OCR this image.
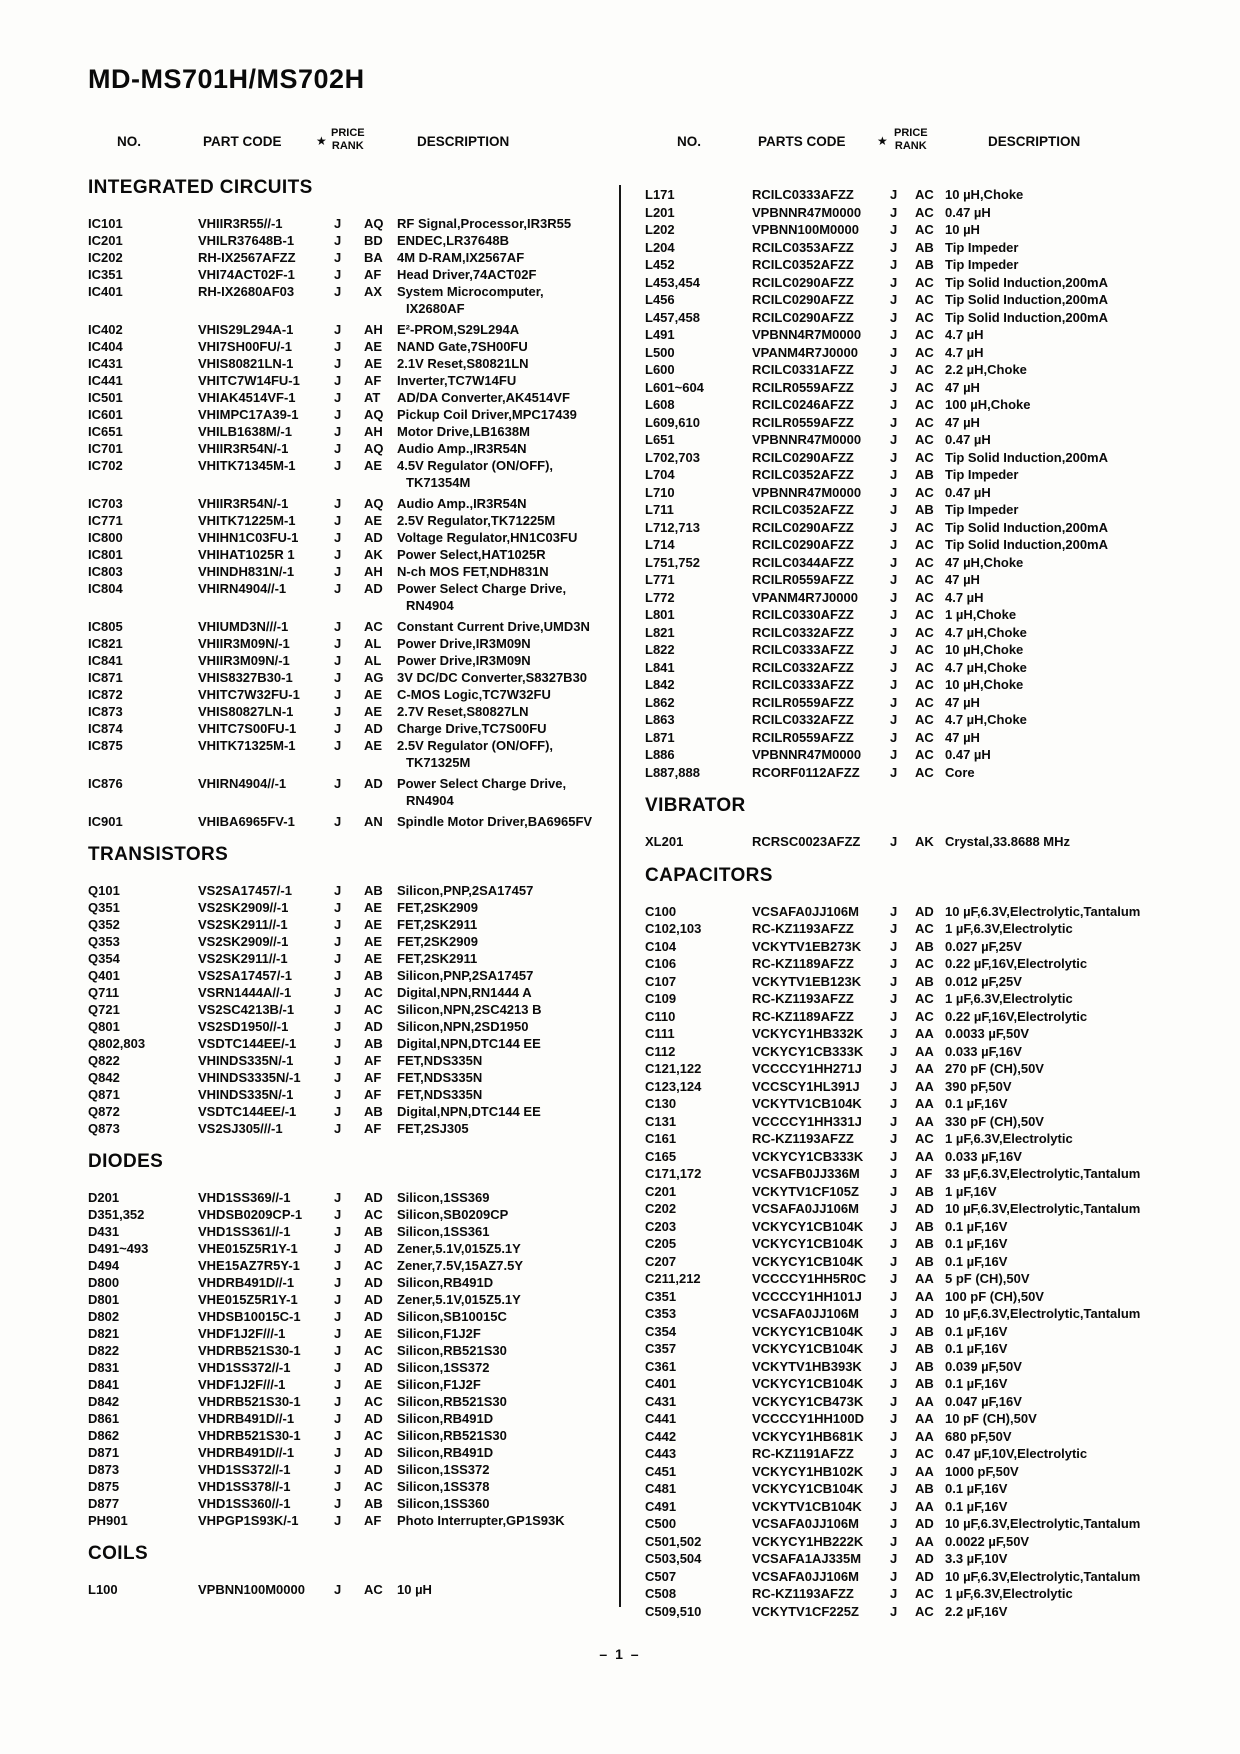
MD-MS701H/MS702H
NO.	PART CODE	★
PRICE
RANK	DESCRIPTION	NO.	PARTS CODE	★
PRICE
RANK	DESCRIPTION
INTEGRATED CIRCUITS
IC101	VHIIR3R55//-1	J	AQ	RF Signal,Processor,IR3R55
IC201	VHILR37648B-1	J	BD	ENDEC,LR37648B
IC202	RH-IX2567AFZZ	J	BA	4M D-RAM,IX2567AF
IC351	VHI74ACT02F-1	J	AF	Head Driver,74ACT02F
IC401	RH-IX2680AF03	J	AX	System Microcomputer,
IX2680AF
IC402	VHIS29L294A-1	J	AH	E²-PROM,S29L294A
IC404	VHI7SH00FU/-1	J	AE	NAND Gate,7SH00FU
IC431	VHIS80821LN-1	J	AE	2.1V Reset,S80821LN
IC441	VHITC7W14FU-1	J	AF	Inverter,TC7W14FU
IC501	VHIAK4514VF-1	J	AT	AD/DA Converter,AK4514VF
IC601	VHIMPC17A39-1	J	AQ	Pickup Coil Driver,MPC17439
IC651	VHILB1638M/-1	J	AH	Motor Drive,LB1638M
IC701	VHIIR3R54N/-1	J	AQ	Audio Amp.,IR3R54N
IC702	VHITK71345M-1	J	AE	4.5V Regulator (ON/OFF),
TK71354M
IC703	VHIIR3R54N/-1	J	AQ	Audio Amp.,IR3R54N
IC771	VHITK71225M-1	J	AE	2.5V Regulator,TK71225M
IC800	VHIHN1C03FU-1	J	AD	Voltage Regulator,HN1C03FU
IC801	VHIHAT1025R 1	J	AK	Power Select,HAT1025R
IC803	VHINDH831N/-1	J	AH	N-ch MOS FET,NDH831N
IC804	VHIRN4904//-1	J	AD	Power Select Charge Drive,
RN4904
IC805	VHIUMD3N///-1	J	AC	Constant Current Drive,UMD3N
IC821	VHIIR3M09N/-1	J	AL	Power Drive,IR3M09N
IC841	VHIIR3M09N/-1	J	AL	Power Drive,IR3M09N
IC871	VHIS8327B30-1	J	AG	3V DC/DC Converter,S8327B30
IC872	VHITC7W32FU-1	J	AE	C-MOS Logic,TC7W32FU
IC873	VHIS80827LN-1	J	AE	2.7V Reset,S80827LN
IC874	VHITC7S00FU-1	J	AD	Charge Drive,TC7S00FU
IC875	VHITK71325M-1	J	AE	2.5V Regulator (ON/OFF),
TK71325M
IC876	VHIRN4904//-1	J	AD	Power Select Charge Drive,
RN4904
IC901	VHIBA6965FV-1	J	AN	Spindle Motor Driver,BA6965FV
TRANSISTORS
Q101	VS2SA17457/-1	J	AB	Silicon,PNP,2SA17457
Q351	VS2SK2909//-1	J	AE	FET,2SK2909
Q352	VS2SK2911//-1	J	AE	FET,2SK2911
Q353	VS2SK2909//-1	J	AE	FET,2SK2909
Q354	VS2SK2911//-1	J	AE	FET,2SK2911
Q401	VS2SA17457/-1	J	AB	Silicon,PNP,2SA17457
Q711	VSRN1444A//-1	J	AC	Digital,NPN,RN1444 A
Q721	VS2SC4213B/-1	J	AC	Silicon,NPN,2SC4213 B
Q801	VS2SD1950//-1	J	AD	Silicon,NPN,2SD1950
Q802,803	VSDTC144EE/-1	J	AB	Digital,NPN,DTC144 EE
Q822	VHINDS335N/-1	J	AF	FET,NDS335N
Q842	VHINDS3335N/-1	J	AF	FET,NDS335N
Q871	VHINDS335N/-1	J	AF	FET,NDS335N
Q872	VSDTC144EE/-1	J	AB	Digital,NPN,DTC144 EE
Q873	VS2SJ305///-1	J	AF	FET,2SJ305
DIODES
D201	VHD1SS369//-1	J	AD	Silicon,1SS369
D351,352	VHDSB0209CP-1	J	AC	Silicon,SB0209CP
D431	VHD1SS361//-1	J	AB	Silicon,1SS361
D491~493	VHE015Z5R1Y-1	J	AD	Zener,5.1V,015Z5.1Y
D494	VHE15AZ7R5Y-1	J	AC	Zener,7.5V,15AZ7.5Y
D800	VHDRB491D//-1	J	AD	Silicon,RB491D
D801	VHE015Z5R1Y-1	J	AD	Zener,5.1V,015Z5.1Y
D802	VHDSB10015C-1	J	AD	Silicon,SB10015C
D821	VHDF1J2F///-1	J	AE	Silicon,F1J2F
D822	VHDRB521S30-1	J	AC	Silicon,RB521S30
D831	VHD1SS372//-1	J	AD	Silicon,1SS372
D841	VHDF1J2F///-1	J	AE	Silicon,F1J2F
D842	VHDRB521S30-1	J	AC	Silicon,RB521S30
D861	VHDRB491D//-1	J	AD	Silicon,RB491D
D862	VHDRB521S30-1	J	AC	Silicon,RB521S30
D871	VHDRB491D//-1	J	AD	Silicon,RB491D
D873	VHD1SS372//-1	J	AD	Silicon,1SS372
D875	VHD1SS378//-1	J	AC	Silicon,1SS378
D877	VHD1SS360//-1	J	AB	Silicon,1SS360
PH901	VHPGP1S93K/-1	J	AF	Photo Interrupter,GP1S93K
COILS
L100	VPBNN100M0000	J	AC	10 µH
L171	RCILC0333AFZZ	J	AC 10 µH,Choke
L201	VPBNNR47M0000	J	AC 0.47 µH
L202	VPBNN100M0000	J	AC 10 µH
L204	RCILC0353AFZZ	J	AB Tip Impeder
L452	RCILC0352AFZZ	J	AB Tip Impeder
L453,454	RCILC0290AFZZ	J	AC Tip Solid Induction,200mA
L456	RCILC0290AFZZ	J	AC Tip Solid Induction,200mA
L457,458	RCILC0290AFZZ	J	AC Tip Solid Induction,200mA
L491	VPBNN4R7M0000	J	AC 4.7 µH
L500	VPANM4R7J0000	J	AC 4.7 µH
L600	RCILC0331AFZZ	J	AC 2.2 µH,Choke
L601~604	RCILR0559AFZZ	J	AC 47 µH
L608	RCILC0246AFZZ	J	AC 100 µH,Choke
L609,610	RCILR0559AFZZ	J	AC 47 µH
L651	VPBNNR47M0000	J	AC 0.47 µH
L702,703	RCILC0290AFZZ	J	AC Tip Solid Induction,200mA
L704	RCILC0352AFZZ	J	AB Tip Impeder
L710	VPBNNR47M0000	J	AC 0.47 µH
L711	RCILC0352AFZZ	J	AB Tip Impeder
L712,713	RCILC0290AFZZ	J	AC Tip Solid Induction,200mA
L714	RCILC0290AFZZ	J	AC Tip Solid Induction,200mA
L751,752	RCILC0344AFZZ	J	AC 47 µH,Choke
L771	RCILR0559AFZZ	J	AC 47 µH
L772	VPANM4R7J0000	J	AC 4.7 µH
L801	RCILC0330AFZZ	J	AC 1 µH,Choke
L821	RCILC0332AFZZ	J	AC 4.7 µH,Choke
L822	RCILC0333AFZZ	J	AC 10 µH,Choke
L841	RCILC0332AFZZ	J	AC 4.7 µH,Choke
L842	RCILC0333AFZZ	J	AC 10 µH,Choke
L862	RCILR0559AFZZ	J	AC 47 µH
L863	RCILC0332AFZZ	J	AC 4.7 µH,Choke
L871	RCILR0559AFZZ	J	AC 47 µH
L886	VPBNNR47M0000	J	AC 0.47 µH
L887,888	RCORF0112AFZZ	J	AC Core
VIBRATOR
XL201	RCRSC0023AFZZ	J	AK Crystal,33.8688 MHz
CAPACITORS
C100	VCSAFA0JJ106M	J	AD 10 µF,6.3V,Electrolytic,Tantalum
C102,103	RC-KZ1193AFZZ	J	AC 1 µF,6.3V,Electrolytic
C104	VCKYTV1EB273K	J	AB 0.027 µF,25V
C106	RC-KZ1189AFZZ	J	AC 0.22 µF,16V,Electrolytic
C107	VCKYTV1EB123K	J	AB 0.012 µF,25V
C109	RC-KZ1193AFZZ	J	AC 1 µF,6.3V,Electrolytic
C110	RC-KZ1189AFZZ	J	AC 0.22 µF,16V,Electrolytic
C111	VCKYCY1HB332K	J	AA 0.0033 µF,50V
C112	VCKYCY1CB333K	J	AA 0.033 µF,16V
C121,122	VCCCCY1HH271J	J	AA 270 pF (CH),50V
C123,124	VCCSCY1HL391J	J	AA 390 pF,50V
C130	VCKYTV1CB104K	J	AA 0.1 µF,16V
C131	VCCCCY1HH331J	J	AA 330 pF (CH),50V
C161	RC-KZ1193AFZZ	J	AC 1 µF,6.3V,Electrolytic
C165	VCKYCY1CB333K	J	AA 0.033 µF,16V
C171,172	VCSAFB0JJ336M	J	AF 33 µF,6.3V,Electrolytic,Tantalum
C201	VCKYTV1CF105Z	J	AB 1 µF,16V
C202	VCSAFA0JJ106M	J	AD 10 µF,6.3V,Electrolytic,Tantalum
C203	VCKYCY1CB104K	J	AB 0.1 µF,16V
C205	VCKYCY1CB104K	J	AB 0.1 µF,16V
C207	VCKYCY1CB104K	J	AB 0.1 µF,16V
C211,212	VCCCCY1HH5R0C	J	AA 5 pF (CH),50V
C351	VCCCCY1HH101J	J	AA 100 pF (CH),50V
C353	VCSAFA0JJ106M	J	AD 10 µF,6.3V,Electrolytic,Tantalum
C354	VCKYCY1CB104K	J	AB 0.1 µF,16V
C357	VCKYCY1CB104K	J	AB 0.1 µF,16V
C361	VCKYTV1HB393K	J	AB 0.039 µF,50V
C401	VCKYCY1CB104K	J	AB 0.1 µF,16V
C431	VCKYCY1CB473K	J	AA 0.047 µF,16V
C441	VCCCCY1HH100D	J	AA 10 pF (CH),50V
C442	VCKYCY1HB681K	J	AA 680 pF,50V
C443	RC-KZ1191AFZZ	J	AC 0.47 µF,10V,Electrolytic
C451	VCKYCY1HB102K	J	AA 1000 pF,50V
C481	VCKYCY1CB104K	J	AB 0.1 µF,16V
C491	VCKYTV1CB104K	J	AA 0.1 µF,16V
C500	VCSAFA0JJ106M	J	AD 10 µF,6.3V,Electrolytic,Tantalum
C501,502	VCKYCY1HB222K	J	AA 0.0022 µF,50V
C503,504	VCSAFA1AJ335M	J	AD 3.3 µF,10V
C507	VCSAFA0JJ106M	J	AD 10 µF,6.3V,Electrolytic,Tantalum
C508	RC-KZ1193AFZZ	J	AC 1 µF,6.3V,Electrolytic
C509,510	VCKYTV1CF225Z	J	AC 2.2 µF,16V
– 1 –
